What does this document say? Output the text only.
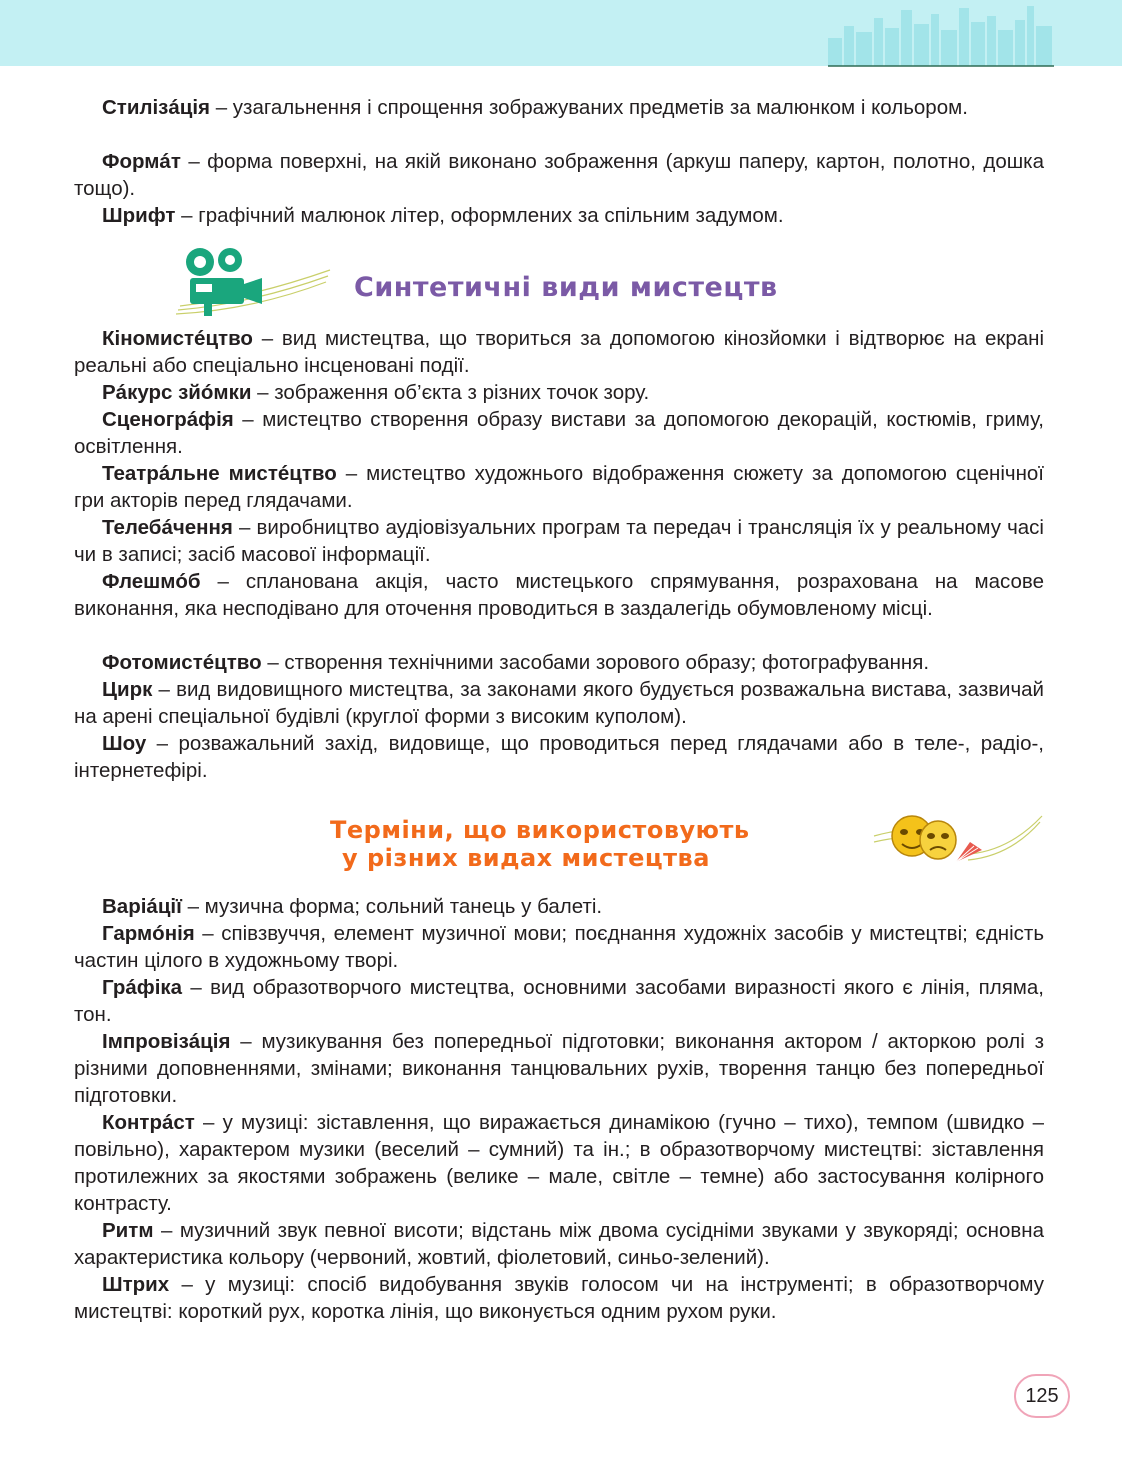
Стилізáція – узагальнення і спрощення зображуваних предметів за малюнком і кольором.

Формáт – форма поверхні, на якій виконано зображення (аркуш паперу, картон, полотно, дошка тощо).

Шрифт – графічний малюнок літер, оформлених за спільним задумом.

Синтетичні види мистецтв

Кіномистéцтво – вид мистецтва, що твориться за допомогою кінозйомки і відтворює на екрані реальні або спеціально інсценовані події.

Рáкурс зйóмки – зображення об’єкта з різних точок зору.

Сценогрáфія – мистецтво створення образу вистави за допомогою декорацій, костюмів, гриму, освітлення.

Театрáльне мистéцтво – мистецтво художнього відображення сюжету за допомогою сценічної гри акторів перед глядачами.

Телебáчення – виробництво аудіовізуальних програм та передач і трансляція їх у реальному часі чи в записі; засіб масової інформації.

Флешмóб – спланована акція, часто мистецького спрямування, розрахована на масове виконання, яка несподівано для оточення проводиться в заздалегідь обумовленому місці.

Фотомистéцтво – створення технічними засобами зорового образу; фотографування.

Цирк – вид видовищного мистецтва, за законами якого будується розважальна вистава, зазвичай на арені спеціальної будівлі (круглої форми з високим куполом).

Шоу – розважальний захід, видовище, що проводиться перед глядачами або в теле-, радіо-, інтернетефірі.

Терміни, що використовують

у різних видах мистецтва

Варіáції – музична форма; сольний танець у балеті.

Гармóнія – співзвуччя, елемент музичної мови; поєднання художніх засобів у мистецтві; єдність частин цілого в художньому творі.

Грáфіка – вид образотворчого мистецтва, основними засобами виразності якого є лінія, пляма, тон.

Імпровізáція – музикування без попередньої підготовки; виконання актором / акторкою ролі з різними доповненнями, змінами; виконання танцювальних рухів, творення танцю без попередньої підготовки.

Контрáст – у музиці: зіставлення, що виражається динамікою (гучно – тихо), темпом (швидко – повільно), характером музики (веселий – сумний) та ін.; в образотворчому мистецтві: зіставлення протилежних за якостями зображень (велике – мале, світле – темне) або застосування колірного контрасту.

Ритм – музичний звук певної висоти; відстань між двома сусідніми звуками у звукоряді; основна характеристика кольору (червоний, жовтий, фіолетовий, синьо-зелений).

Штрих – у музиці: спосіб видобування звуків голосом чи на інструменті; в образотворчому мистецтві: короткий рух, коротка лінія, що виконується одним рухом руки.

125
